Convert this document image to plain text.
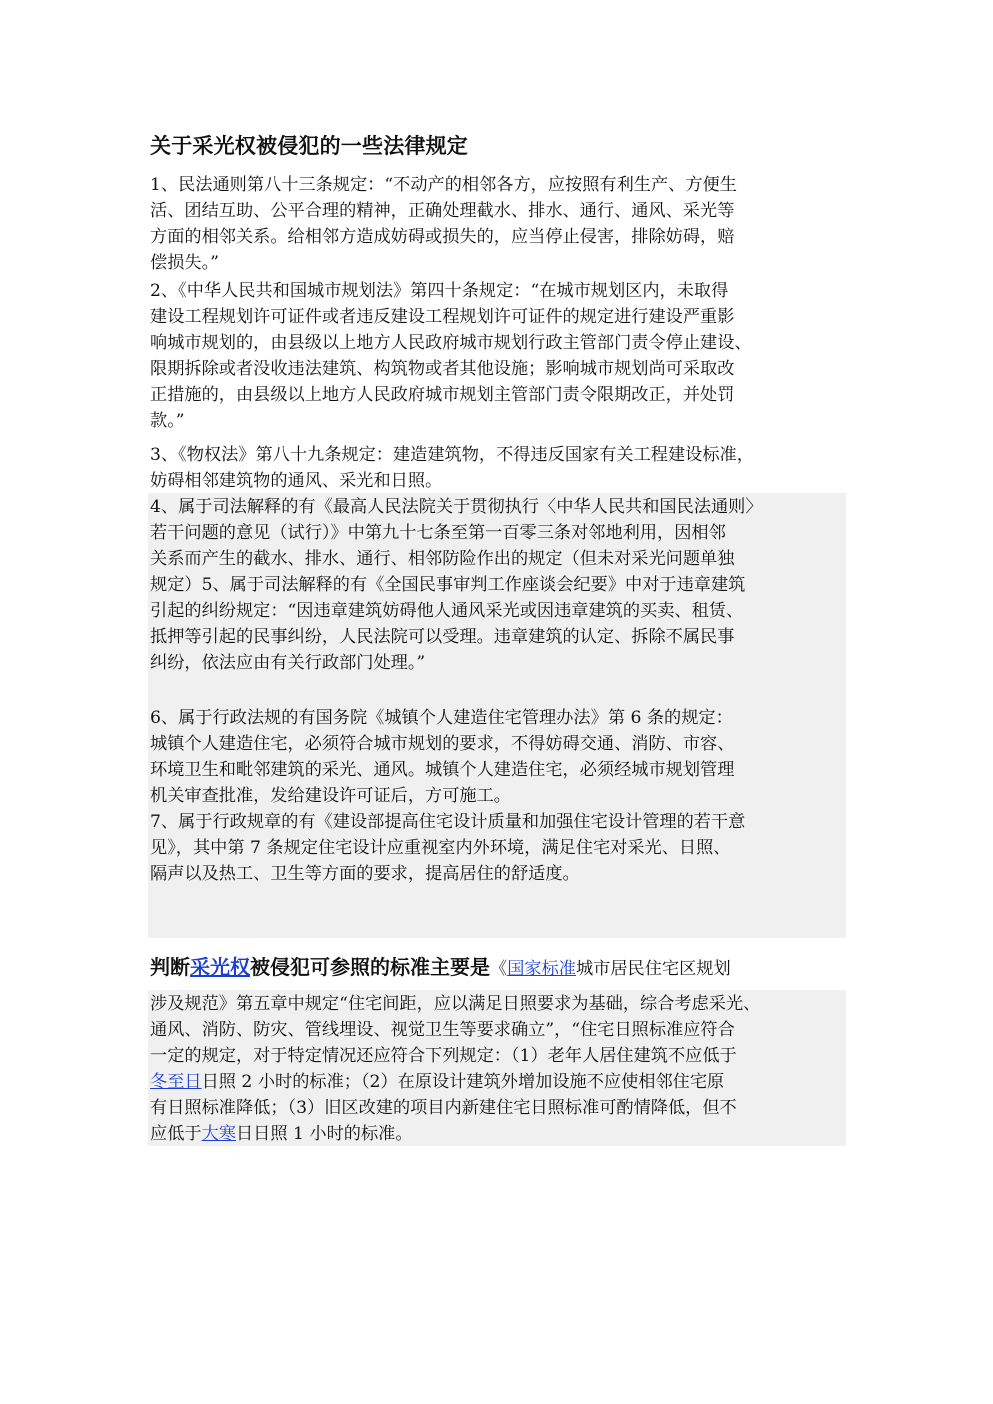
关于采光权被侵犯的一些法律规定
1、民法通则第八十三条规定：“不动产的相邻各方，应按照有利生产、方便生
活、团结互助、公平合理的精神，正确处理截水、排水、通行、通风、采光等
方面的相邻关系。给相邻方造成妨碍或损失的，应当停止侵害，排除妨碍，赔
偿损失。”
2、《中华人民共和国城市规划法》第四十条规定：“在城市规划区内，未取得
建设工程规划许可证件或者违反建设工程规划许可证件的规定进行建设严重影
响城市规划的，由县级以上地方人民政府城市规划行政主管部门责令停止建设、
限期拆除或者没收违法建筑、构筑物或者其他设施；影响城市规划尚可采取改
正措施的，由县级以上地方人民政府城市规划主管部门责令限期改正，并处罚
款。”
3、《物权法》第八十九条规定：建造建筑物，不得违反国家有关工程建设标准，
妨碍相邻建筑物的通风、采光和日照。
4、属于司法解释的有《最高人民法院关于贯彻执行〈中华人民共和国民法通则〉
若干问题的意见（试行）》中第九十七条至第一百零三条对邻地利用，因相邻
关系而产生的截水、排水、通行、相邻防险作出的规定（但未对采光问题单独
规定）5、属于司法解释的有《全国民事审判工作座谈会纪要》中对于违章建筑
引起的纠纷规定：“因违章建筑妨碍他人通风采光或因违章建筑的买卖、租赁、
抵押等引起的民事纠纷，人民法院可以受理。违章建筑的认定、拆除不属民事
纠纷，依法应由有关行政部门处理。”
6、属于行政法规的有国务院《城镇个人建造住宅管理办法》第 6 条的规定：
城镇个人建造住宅，必须符合城市规划的要求，不得妨碍交通、消防、市容、
环境卫生和毗邻建筑的采光、通风。城镇个人建造住宅，必须经城市规划管理
机关审查批准，发给建设许可证后，方可施工。
7、属于行政规章的有《建设部提高住宅设计质量和加强住宅设计管理的若干意
见》，其中第 7 条规定住宅设计应重视室内外环境，满足住宅对采光、日照、
隔声以及热工、卫生等方面的要求，提高居住的舒适度。
判断采光权被侵犯可参照的标准主要是《国家标准城市居民住宅区规划
涉及规范》第五章中规定“住宅间距，应以满足日照要求为基础，综合考虑采光、
通风、消防、防灾、管线埋设、视觉卫生等要求确立”，“住宅日照标准应符合
一定的规定，对于特定情况还应符合下列规定：（1）老年人居住建筑不应低于
冬至日日照 2 小时的标准；（2）在原设计建筑外增加设施不应使相邻住宅原
有日照标准降低；（3）旧区改建的项目内新建住宅日照标准可酌情降低，但不
应低于大寒日日照 1 小时的标准。
